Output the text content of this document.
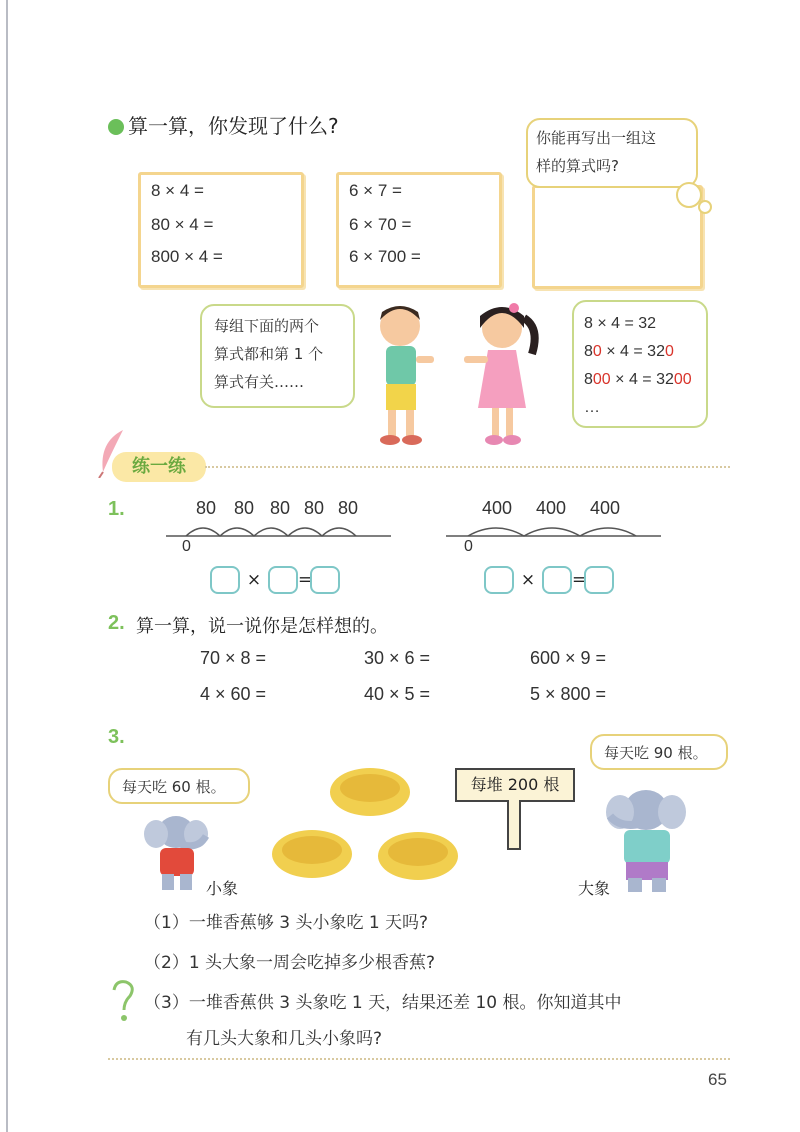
算一算，你发现了什么?
8 × 4 =
80 × 4 =
800 × 4 =
6 × 7 =
6 × 70 =
6 × 700 =
你能再写出一组这
样的算式吗?
每组下面的两个
算式都和第 1 个
算式有关……
8 × 4 = 32
80 × 4 = 320
800 × 4 = 3200
…
练一练
1.	80 80 80 80 80
0
× =
400 400 400
0
× =
2. 算一算，说一说你是怎样想的。
70 × 8 =	30 × 6 =	600 × 9 =
4 × 60 =	40 × 5 =	5 × 800 =
3.
每天吃 60 根。
每天吃 90 根。
小象
每堆 200 根
大象
（1）一堆香蕉够 3 头小象吃 1 天吗?
（2）1 头大象一周会吃掉多少根香蕉?
（3）一堆香蕉供 3 头象吃 1 天，结果还差 10 根。你知道其中
有几头大象和几头小象吗?
65
